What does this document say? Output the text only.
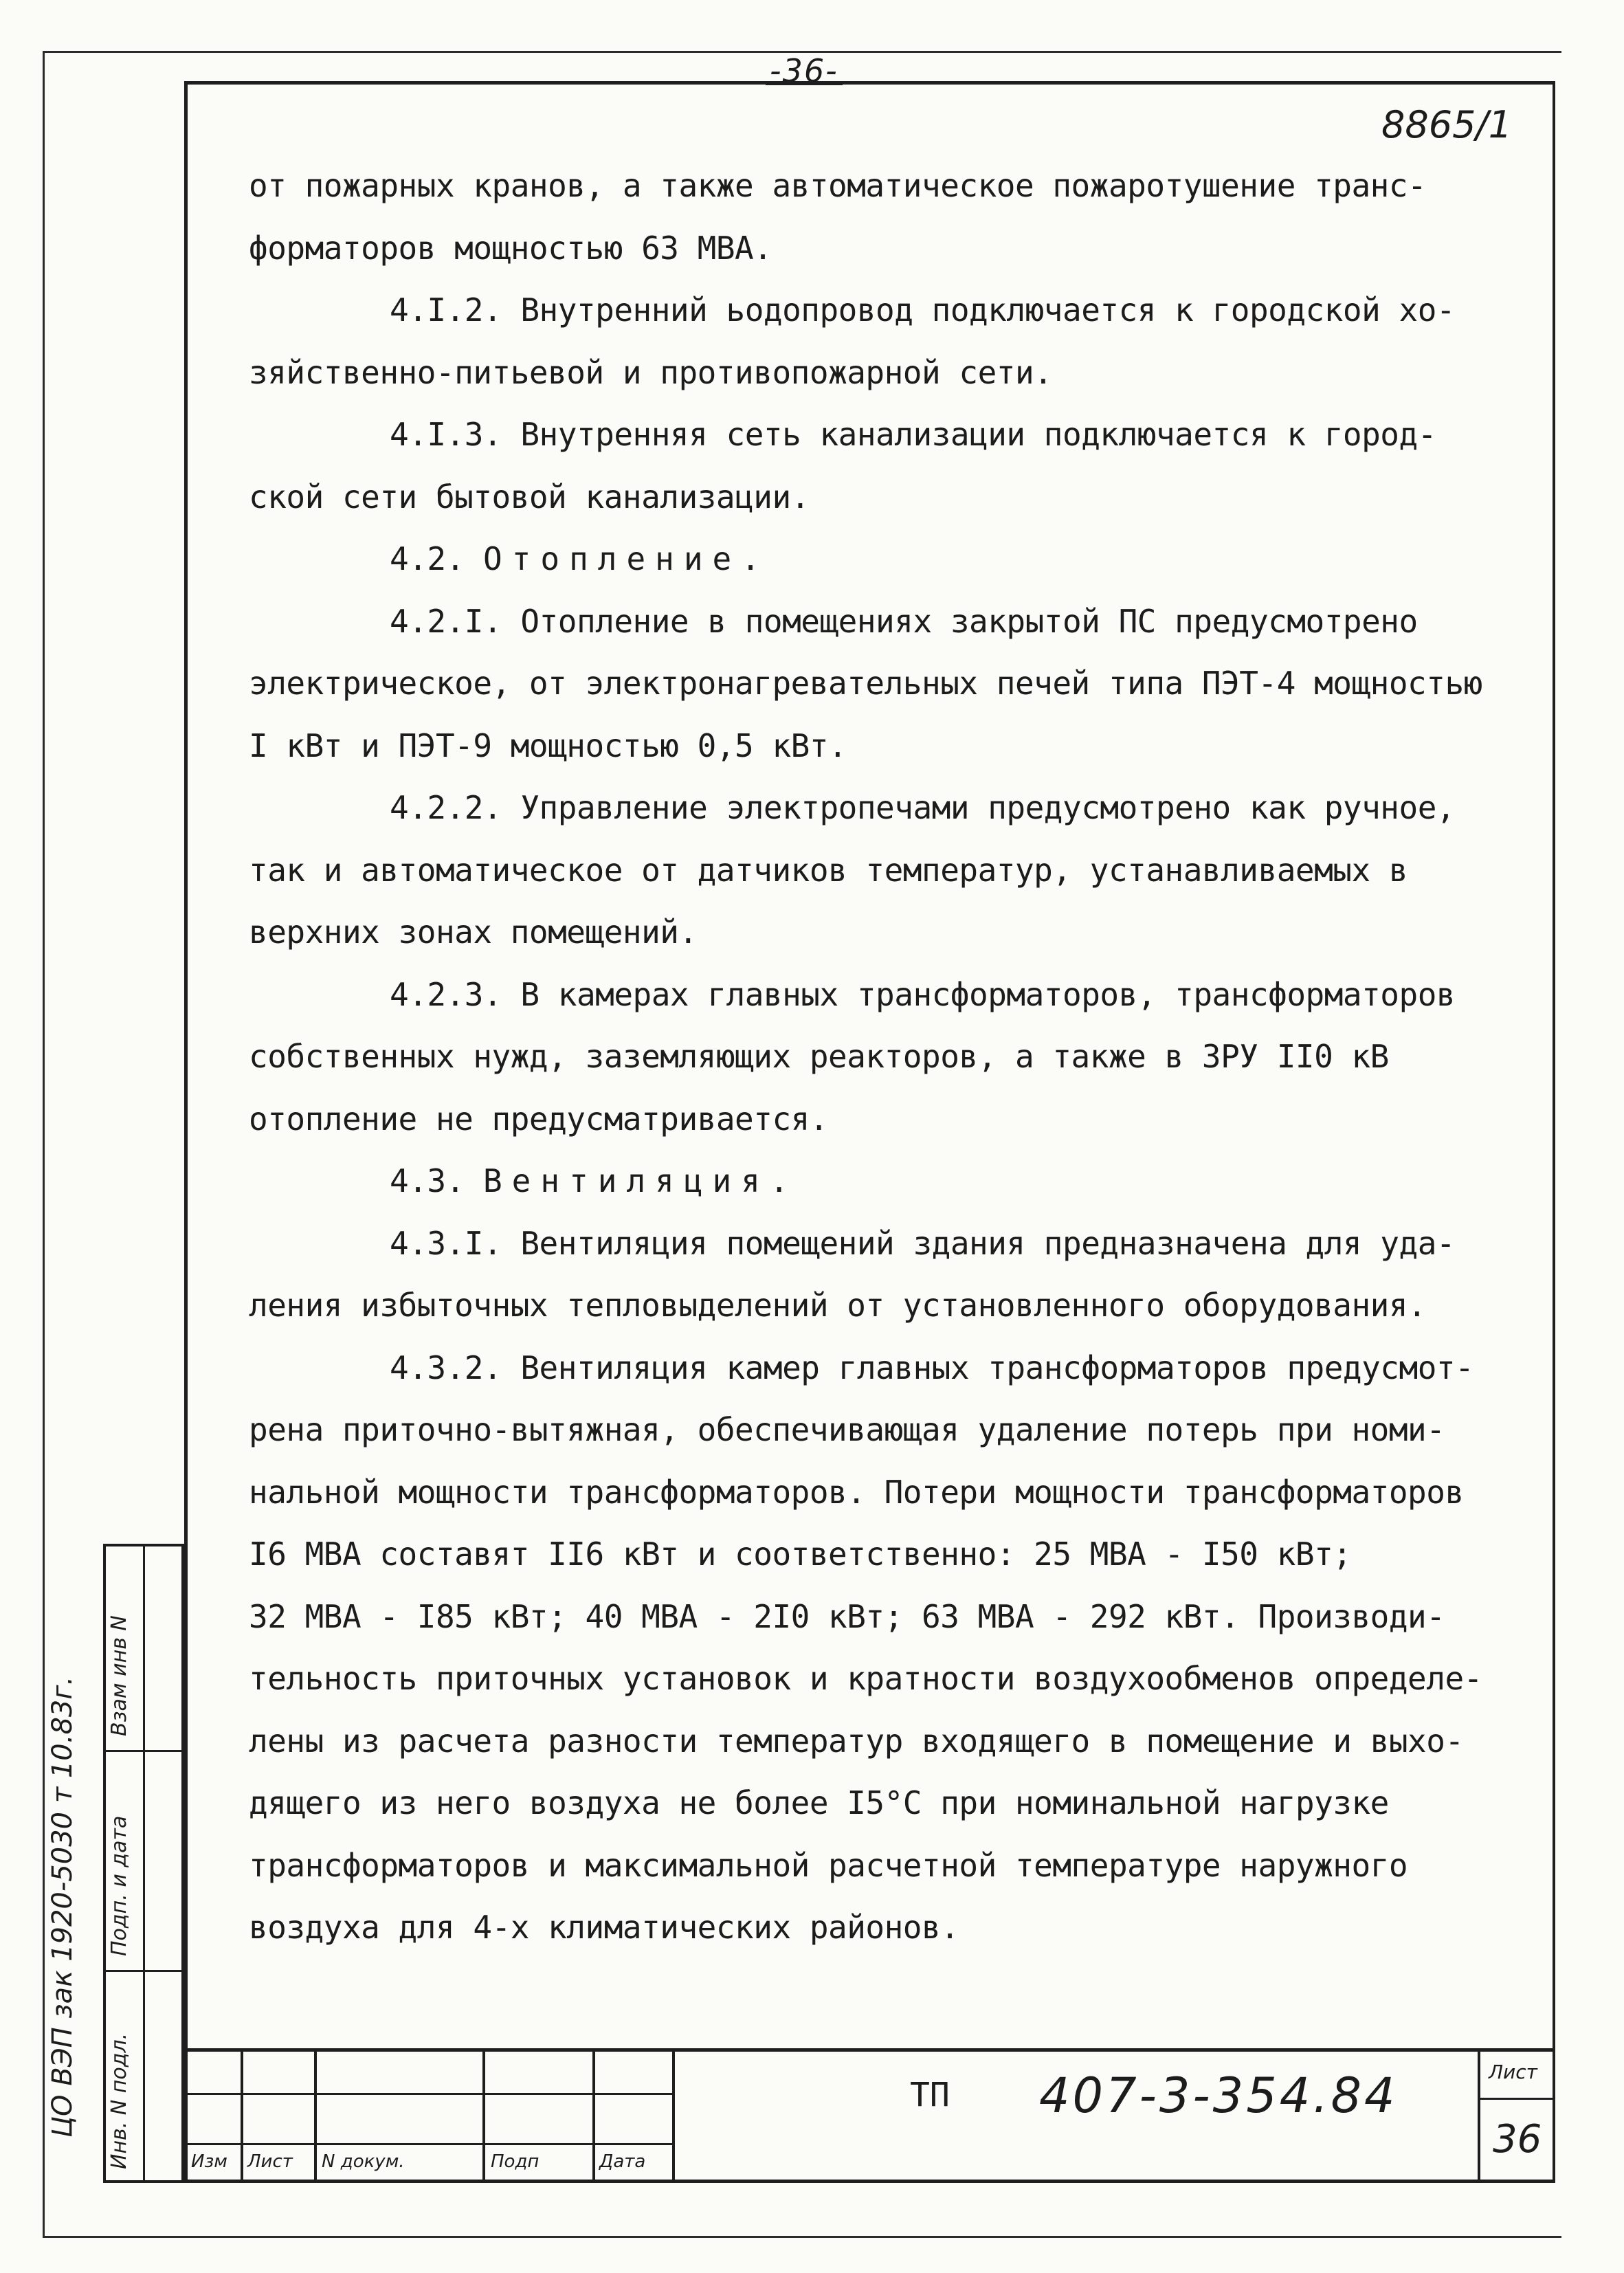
-36-
8865/1
от пожарных кранов, а также автоматическое пожаротушение транс-
форматоров мощностью 63 МВА.
4.I.2. Внутренний ьодопровод подключается к городской хо-
зяйственно-питьевой и противопожарной сети.
4.I.3. Внутренняя сеть канализации подключается к город-
ской сети бытовой канализации.
4.2. Отопление.
4.2.I. Отопление в помещениях закрытой ПС предусмотрено
электрическое, от электронагревательных печей типа ПЭТ-4 мощностью
I кВт и ПЭТ-9 мощностью 0,5 кВт.
4.2.2. Управление электропечами предусмотрено как ручное,
так и автоматическое от датчиков температур, устанавливаемых в
верхних зонах помещений.
4.2.3. В камерах главных трансформаторов, трансформаторов
собственных нужд, заземляющих реакторов, а также в ЗРУ II0 кВ
отопление не предусматривается.
4.3. Вентиляция.
4.3.I. Вентиляция помещений здания предназначена для уда-
ления избыточных тепловыделений от установленного оборудования.
4.3.2. Вентиляция камер главных трансформаторов предусмот-
рена приточно-вытяжная, обеспечивающая удаление потерь при номи-
нальной мощности трансформаторов. Потери мощности трансформаторов
I6 МВА составят II6 кВт и соответственно: 25 МВА - I50 кВт;
32 МВА - I85 кВт; 40 МВА - 2I0 кВт; 63 МВА - 292 кВт. Производи-
тельность приточных установок и кратности воздухообменов определе-
лены из расчета разности температур входящего в помещение и выхо-
дящего из него воздуха не более I5°С при номинальной нагрузке
трансформаторов и максимальной расчетной температуре наружного
воздуха для 4-х климатических районов.
Взам инв N
Подп. и дата
Инв. N подл.
ЦО ВЭП зак 1920-5030 т 10.83г.
Изм Лист N докум.	Подп	Дата
ТП 407-3-354.84	Лист
36
